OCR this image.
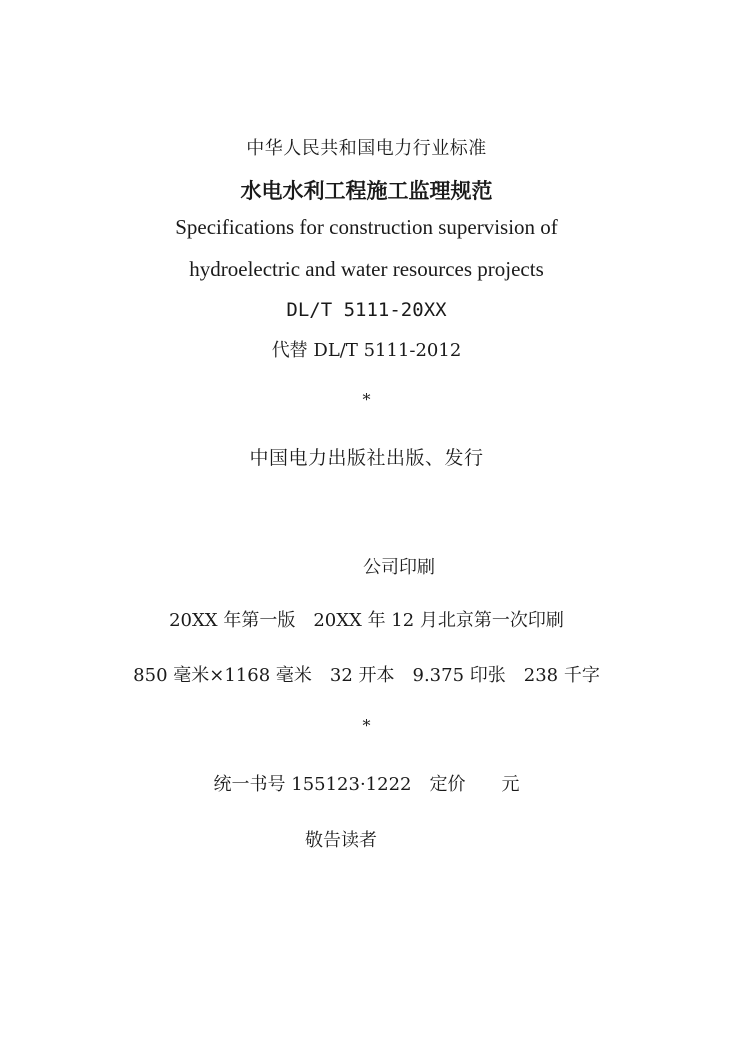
中华人民共和国电力行业标准
水电水利工程施工监理规范
Specifications for construction supervision of
hydroelectric and water resources projects
DL/T 5111-20XX
代替 DL/T 5111-2012
*
中国电力出版社出版、发行
公司印刷
20XX 年第一版　20XX 年 12 月北京第一次印刷
850 毫米×1168 毫米　32 开本　9.375 印张　238 千字
*
统一书号 155123·1222　定价　　元
敬告读者
